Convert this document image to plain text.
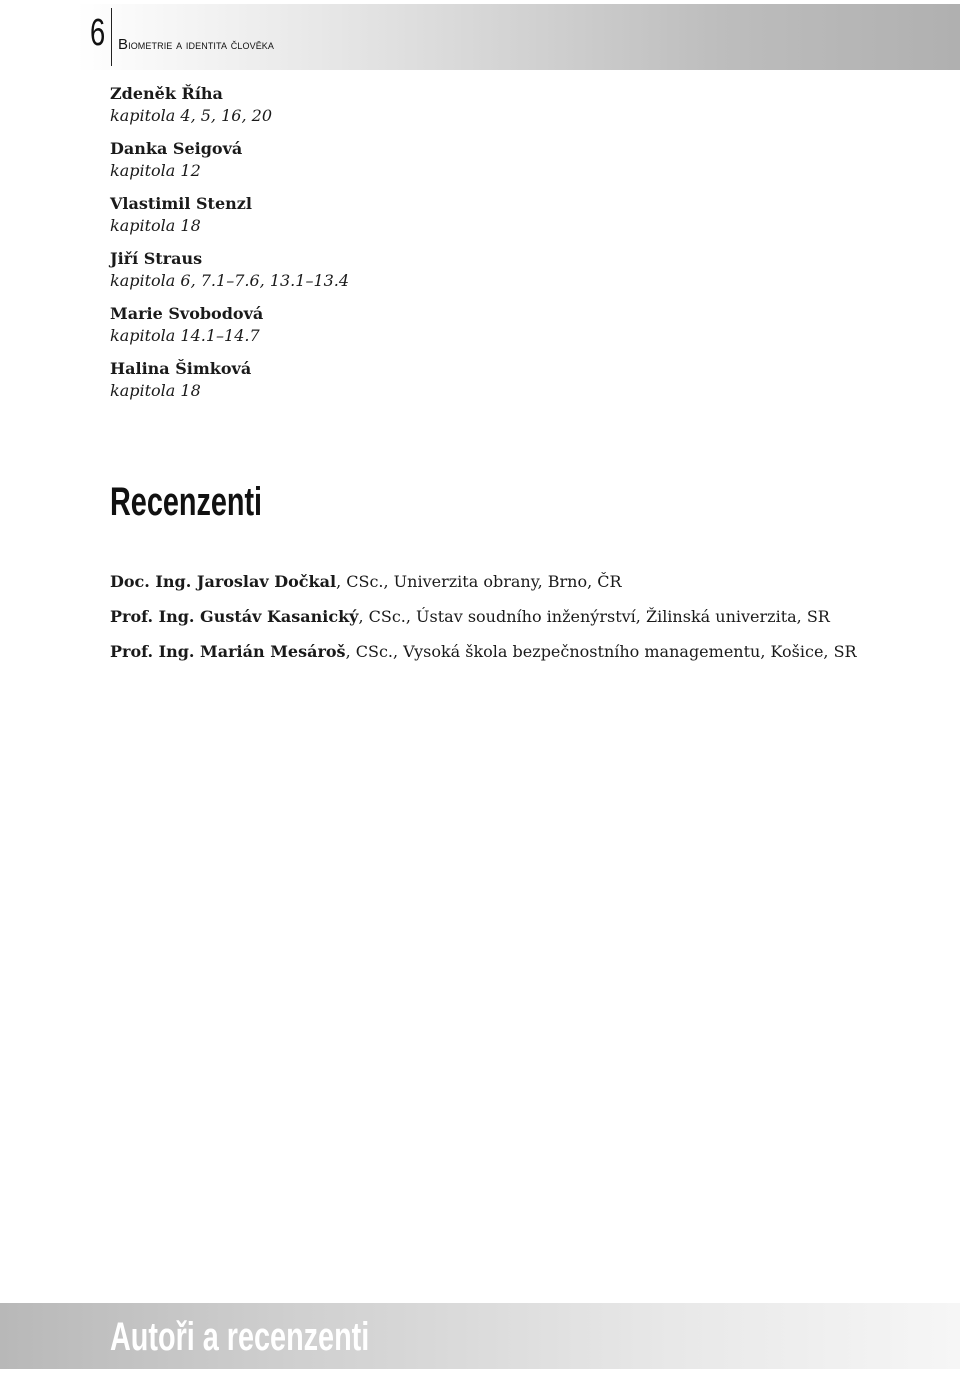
6 Biometrie a identita člověka
Zdeněk Říha
kapitola 4, 5, 16, 20
Danka Seigová
kapitola 12
Vlastimil Stenzl
kapitola 18
Jiří Straus
kapitola 6, 7.1–7.6, 13.1–13.4
Marie Svobodová
kapitola 14.1–14.7
Halina Šimková
kapitola 18
Recenzenti
Doc. Ing. Jaroslav Dočkal, CSc., Univerzita obrany, Brno, ČR
Prof. Ing. Gustáv Kasanický, CSc., Ústav soudního inženýrství, Žilinská univerzita, SR
Prof. Ing. Marián Mesároš, CSc., Vysoká škola bezpečnostního managementu, Košice, SR
Autoři a recenzenti
